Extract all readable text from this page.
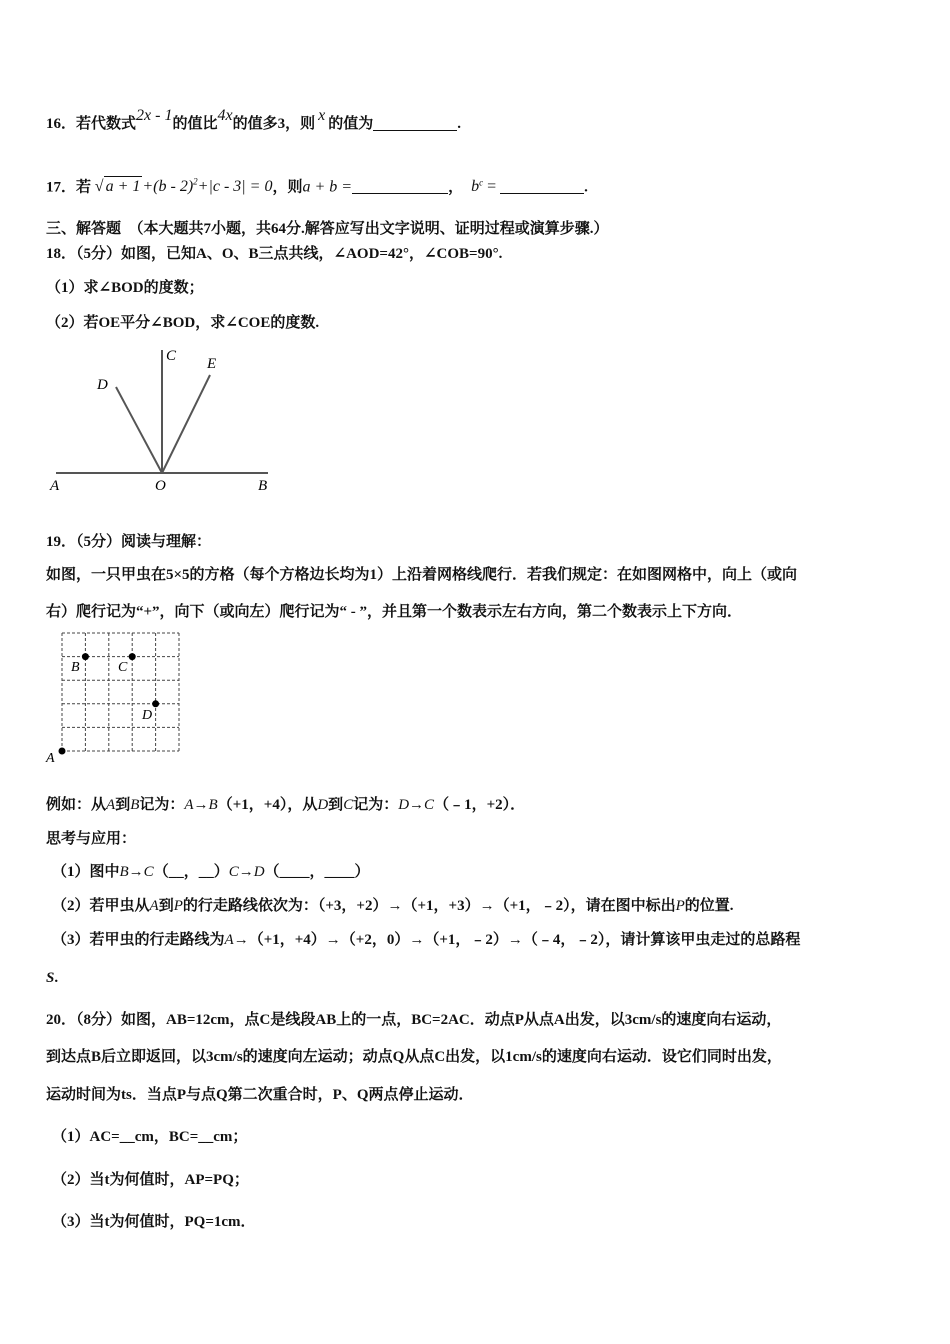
16．若代数式2x - 1的值比4x的值多3，则 x 的值为	.
17．若 √ a + 1 +(b - 2)$^2$+|c - 3| = 0，则a + b =	， $b^c$ =	.
三、解答题 （本大题共7小题，共64分.解答应写出文字说明、证明过程或演算步骤.）
18．（5分）如图，已知A、O、B三点共线，∠AOD=42°，∠COB=90°.
（1）求∠BOD的度数；
（2）若OE平分∠BOD，求∠COE的度数.
A	O	B
C
D
E
19．（5分）阅读与理解：
如图，一只甲虫在5×5的方格（每个方格边长均为1）上沿着网格线爬行．若我们规定：在如图网格中，向上（或向
右）爬行记为“+”，向下（或向左）爬行记为“ - ”，并且第一个数表示左右方向，第二个数表示上下方向．
A
B	C
D
例如：从A到B记为：A→B（+1，+4），从D到C记为：D→C（﹣1，+2）．
思考与应用：
（1）图中B→C（__，__）C→D（____，____）
（2）若甲虫从A到P的行走路线依次为：（+3，+2）→（+1，+3）→（+1，﹣2），请在图中标出P的位置.
（3）若甲虫的行走路线为A→（+1，+4）→（+2，0）→（+1，﹣2）→（﹣4，﹣2），请计算该甲虫走过的总路程
S.
20．（8分）如图，AB=12cm，点C是线段AB上的一点，BC=2AC．动点P从点A出发，以3cm/s的速度向右运动，
到达点B后立即返回，以3cm/s的速度向左运动；动点Q从点C出发，以1cm/s的速度向右运动．设它们同时出发，
运动时间为ts．当点P与点Q第二次重合时，P、Q两点停止运动．
（1）AC=__cm，BC=__cm；
（2）当t为何值时，AP=PQ；
（3）当t为何值时，PQ=1cm．
